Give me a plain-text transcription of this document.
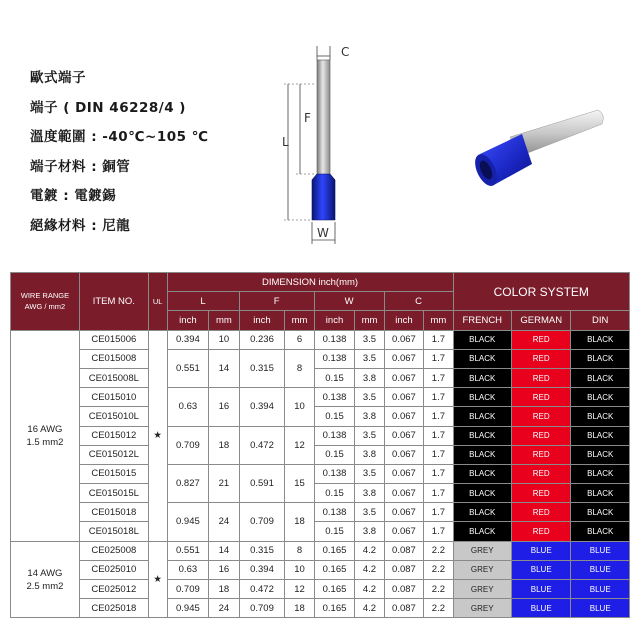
歐式端子
端子 ( DIN 46228/4 )
溫度範圍 : -40℃~105 ℃
端子材料 : 銅管
電鍍 : 電鍍錫
絕緣材料 : 尼龍
C
L
F
W
WIRE RANGE
AWG / mm2	ITEM NO.	UL	DIMENSION inch(mm)								COLOR SYSTEM		
			L		F		W		C				
			inch	mm	inch	mm	inch	mm	inch	mm	FRENCH	GERMAN	DIN
16 AWG
1.5 mm2	CE015006	★	0.394	10	0.236	6	0.138	3.5	0.067	1.7	BLACK	RED	BLACK
	CE015008		0.551	14	0.315	8	0.138	3.5	0.067	1.7	BLACK	RED	BLACK
	CE015008L						0.15	3.8	0.067	1.7	BLACK	RED	BLACK
	CE015010		0.63	16	0.394	10	0.138	3.5	0.067	1.7	BLACK	RED	BLACK
	CE015010L						0.15	3.8	0.067	1.7	BLACK	RED	BLACK
	CE015012		0.709	18	0.472	12	0.138	3.5	0.067	1.7	BLACK	RED	BLACK
	CE015012L						0.15	3.8	0.067	1.7	BLACK	RED	BLACK
	CE015015		0.827	21	0.591	15	0.138	3.5	0.067	1.7	BLACK	RED	BLACK
	CE015015L						0.15	3.8	0.067	1.7	BLACK	RED	BLACK
	CE015018		0.945	24	0.709	18	0.138	3.5	0.067	1.7	BLACK	RED	BLACK
	CE015018L						0.15	3.8	0.067	1.7	BLACK	RED	BLACK
14 AWG
2.5 mm2	CE025008	★	0.551	14	0.315	8	0.165	4.2	0.087	2.2	GREY	BLUE	BLUE
	CE025010		0.63	16	0.394	10	0.165	4.2	0.087	2.2	GREY	BLUE	BLUE
	CE025012		0.709	18	0.472	12	0.165	4.2	0.087	2.2	GREY	BLUE	BLUE
	CE025018		0.945	24	0.709	18	0.165	4.2	0.087	2.2	GREY	BLUE	BLUE
